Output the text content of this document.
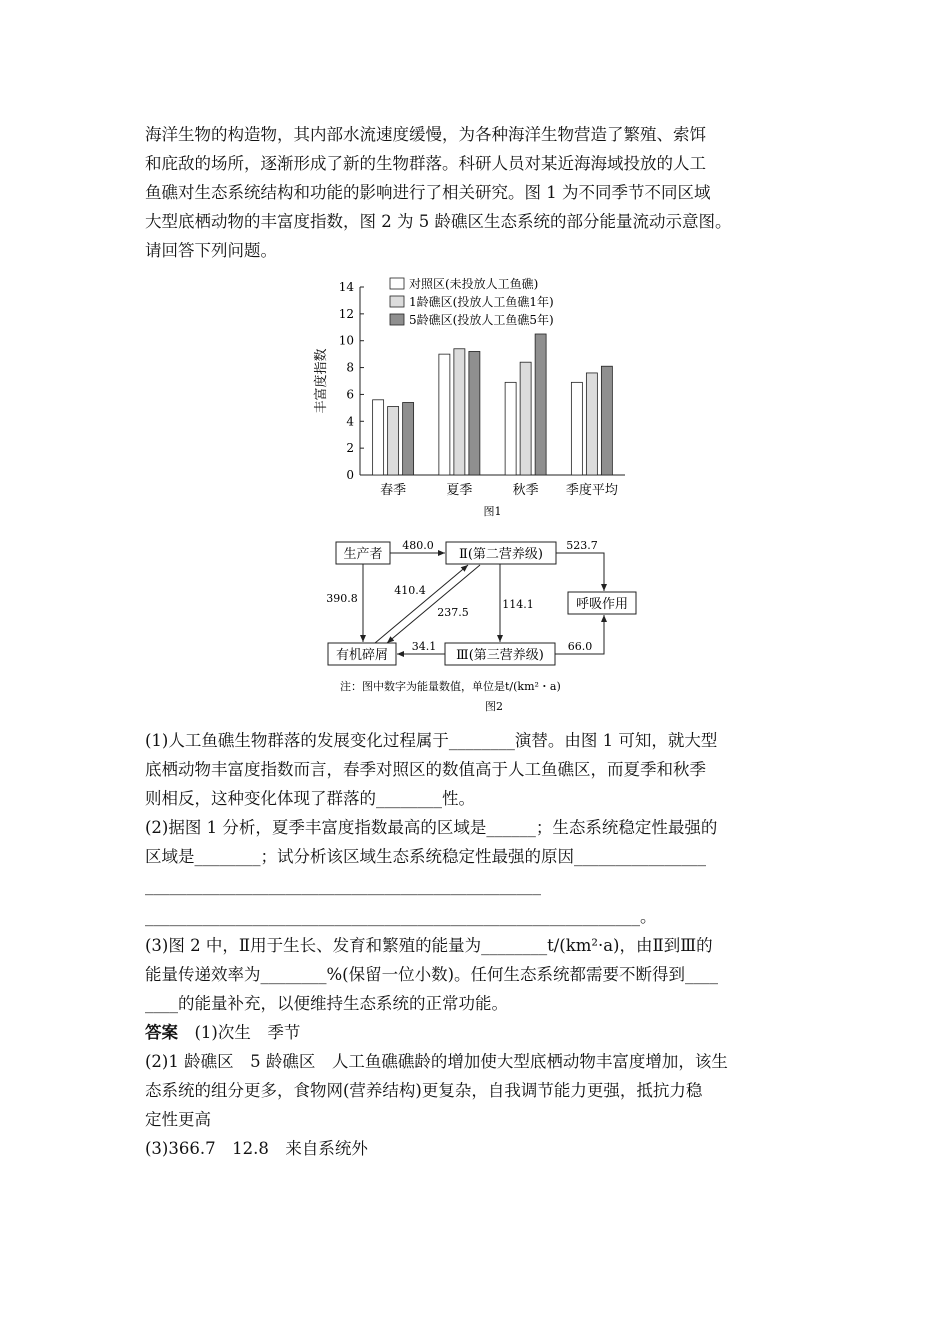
海洋生物的构造物，其内部水流速度缓慢，为各种海洋生物营造了繁殖、索饵

和庇敌的场所，逐渐形成了新的生物群落。科研人员对某近海海域投放的人工

鱼礁对生态系统结构和功能的影响进行了相关研究。图 1 为不同季节不同区域

大型底栖动物的丰富度指数，图 2 为 5 龄礁区生态系统的部分能量流动示意图。

请回答下列问题。

对照区(未投放人工鱼礁)
1龄礁区(投放人工鱼礁1年)
5龄礁区(投放人工鱼礁5年)
0
2
4
6
8
10
12
14
丰富度指数
春季	夏季	秋季 季度平均
图1
生产者	Ⅱ(第二营养级)
呼吸作用
有机碎屑	Ⅲ(第三营养级)
480.0	523.7
390.8
410.4
237.5
114.1
34.1	66.0
注：图中数字为能量数值，单位是t/(km²・a)
图2

(1)人工鱼礁生物群落的发展变化过程属于________演替。由图 1 可知，就大型

底栖动物丰富度指数而言，春季对照区的数值高于人工鱼礁区，而夏季和秋季

则相反，这种变化体现了群落的________性。

(2)据图 1 分析，夏季丰富度指数最高的区域是______；生态系统稳定性最强的

区域是________；试分析该区域生态系统稳定性最强的原因________________

________________________________________________

____________________________________________________________。

(3)图 2 中，Ⅱ用于生长、发育和繁殖的能量为________t/(km²·a)，由Ⅱ到Ⅲ的

能量传递效率为________%(保留一位小数)。任何生态系统都需要不断得到____

____的能量补充，以便维持生态系统的正常功能。

答案　 (1)次生　季节

(2)1 龄礁区　5 龄礁区　人工鱼礁礁龄的增加使大型底栖动物丰富度增加，该生

态系统的组分更多，食物网(营养结构)更复杂，自我调节能力更强，抵抗力稳

定性更高

(3)366.7　12.8　来自系统外
